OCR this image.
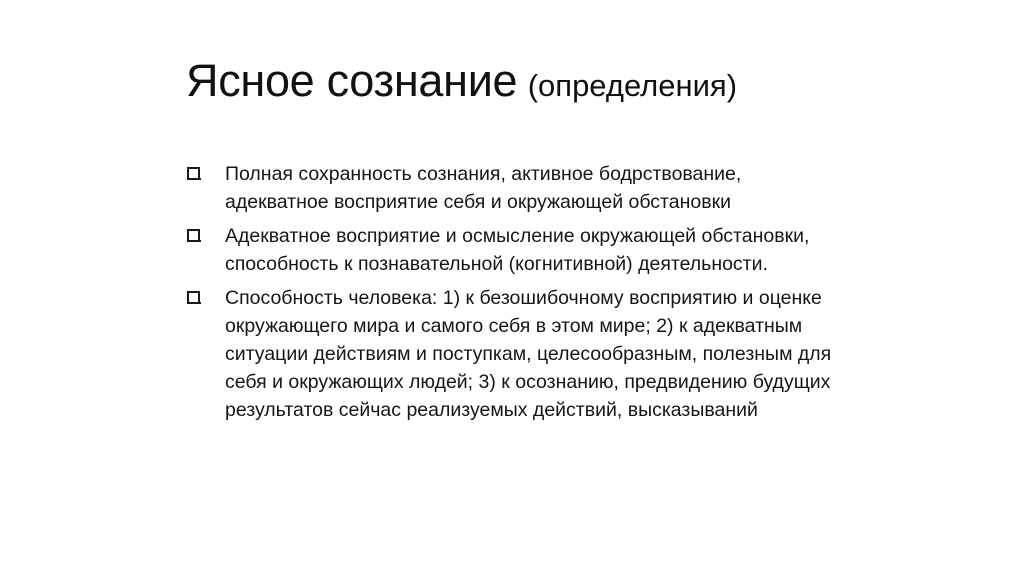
Ясное сознание (определения)
Полная сохранность сознания, активное бодрствование, адекватное восприятие себя и окружающей обстановки
Адекватное восприятие и осмысление окружающей обстановки, способность к познавательной (когнитивной) деятельности.
Способность человека: 1) к безошибочному восприятию и оценке окружающего мира и самого себя в этом мире; 2) к адекватным ситуации действиям и поступкам, целесообразным, полезным для себя и окружающих людей; 3) к осознанию, предвидению будущих результатов сейчас реализуемых действий, высказываний
